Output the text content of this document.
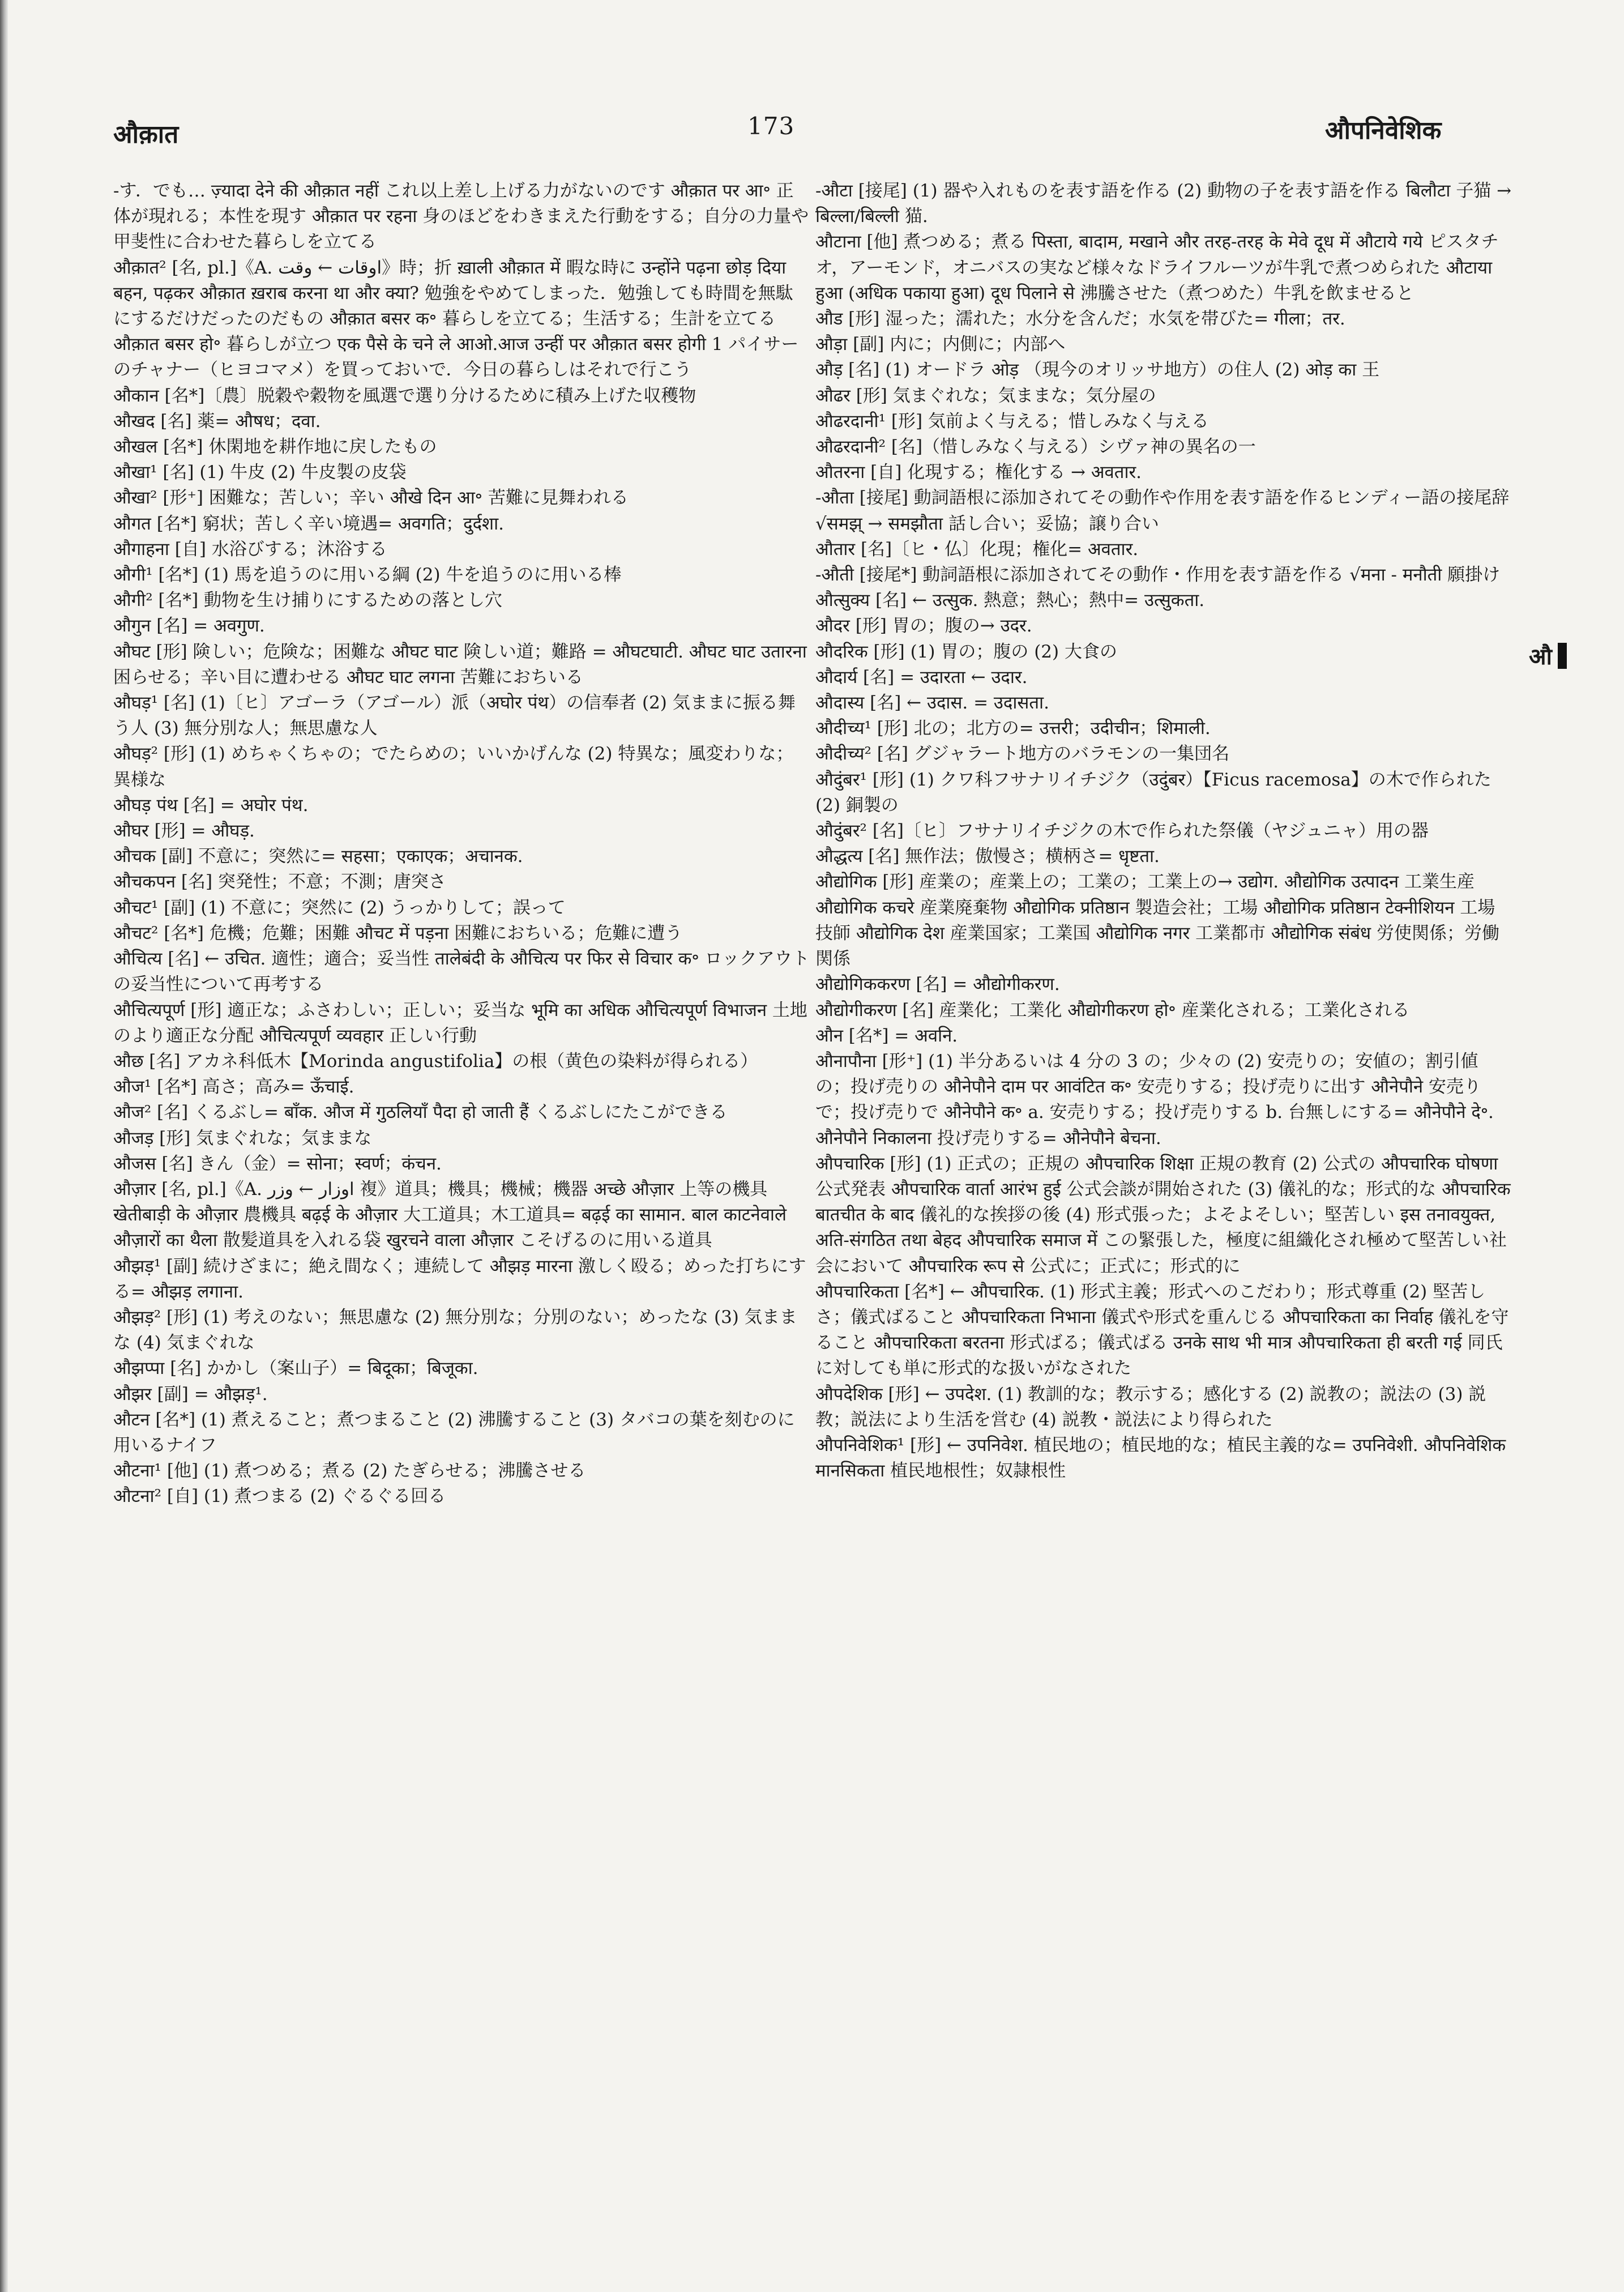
औक़ात	173	औपनिवेशिक
औ

-す．でも… ज़्यादा देने की औक़ात नहीं これ以上差し上げる力がないのです औक़ात पर आ॰ 正体が現れる；本性を現す औक़ात पर रहना 身のほどをわきまえた行動をする；自分の力量や甲斐性に合わせた暮らしを立てる

औक़ात² [名, pl.]《A. اوقات ← وقت》時；折 ख़ाली औक़ात में 暇な時に उन्होंने पढ़ना छोड़ दिया बहन, पढ़कर औक़ात ख़राब करना था और क्या? 勉強をやめてしまった．勉強しても時間を無駄にするだけだったのだもの औक़ात बसर क॰ 暮らしを立てる；生活する；生計を立てる औक़ात बसर हो॰ 暮らしが立つ एक पैसे के चने ले आओ.आज उन्हीं पर औक़ात बसर होगी 1 パイサーのチャナー（ヒヨコマメ）を買っておいで．今日の暮らしはそれで行こう

औकान [名*]〔農〕脱穀や穀物を風選で選り分けるために積み上げた収穫物

औखद [名] 薬= औषध；दवा.

औखल [名*] 休閑地を耕作地に戻したもの

औखा¹ [名] (1) 牛皮 (2) 牛皮製の皮袋

औखा² [形⁺] 困難な；苦しい；辛い औखे दिन आ॰ 苦難に見舞われる

औगत [名*] 窮状；苦しく辛い境遇= अवगति；दुर्दशा.

औगाहना [自] 水浴びする；沐浴する

औगी¹ [名*] (1) 馬を追うのに用いる綱 (2) 牛を追うのに用いる棒

औगी² [名*] 動物を生け捕りにするための落とし穴

औगुन [名] = अवगुण.

औघट [形] 険しい；危険な；困難な औघट घाट 険しい道；難路 = औघटघाटी. औघट घाट उतारना 困らせる；辛い目に遭わせる औघट घाट लगना 苦難におちいる

औघड़¹ [名] (1)〔ヒ〕アゴーラ（アゴール）派（अघोर पंथ）の信奉者 (2) 気ままに振る舞う人 (3) 無分別な人；無思慮な人

औघड़² [形] (1) めちゃくちゃの；でたらめの；いいかげんな (2) 特異な；風変わりな；異様な

औघड़ पंथ [名] = अघोर पंथ.

औघर [形] = औघड़.

औचक [副] 不意に；突然に= सहसा；एकाएक；अचानक.

औचकपन [名] 突発性；不意；不測；唐突さ

औचट¹ [副] (1) 不意に；突然に (2) うっかりして；誤って

औचट² [名*] 危機；危難；困難 औचट में पड़ना 困難におちいる；危難に遭う

औचित्य [名] ← उचित. 適性；適合；妥当性 तालेबंदी के औचित्य पर फिर से विचार क॰ ロックアウトの妥当性について再考する

औचित्यपूर्ण [形] 適正な；ふさわしい；正しい；妥当な भूमि का अधिक औचित्यपूर्ण विभाजन 土地のより適正な分配 औचित्यपूर्ण व्यवहार 正しい行動

औछ [名] アカネ科低木【Morinda angustifolia】の根（黄色の染料が得られる）

औज¹ [名*] 高さ；高み= ऊँचाई.

औज² [名] くるぶし= बाँक. औज में गुठलियाँ पैदा हो जाती हैं くるぶしにたこができる

औजड़ [形] 気まぐれな；気ままな

औजस [名] きん（金）= सोना；स्वर्ण；कंचन.

औज़ार [名, pl.]《A. اوزار ← وزر 複》道具；機具；機械；機器 अच्छे औज़ार 上等の機具 खेतीबाड़ी के औज़ार 農機具 बढ़ई के औज़ार 大工道具；木工道具= बढ़ई का सामान. बाल काटनेवाले औज़ारों का थैला 散髪道具を入れる袋 खुरचने वाला औज़ार こそげるのに用いる道具

औझड़¹ [副] 続けざまに；絶え間なく；連続して औझड़ मारना 激しく殴る；めった打ちにする= औझड़ लगाना.

औझड़² [形] (1) 考えのない；無思慮な (2) 無分別な；分別のない；めったな (3) 気ままな (4) 気まぐれな

औझप्पा [名] かかし（案山子）= बिदूका；बिजूका.

औझर [副] = औझड़¹.

औटन [名*] (1) 煮えること；煮つまること (2) 沸騰すること (3) タバコの葉を刻むのに用いるナイフ

औटना¹ [他] (1) 煮つめる；煮る (2) たぎらせる；沸騰させる

औटना² [自] (1) 煮つまる (2) ぐるぐる回る

-औटा [接尾] (1) 器や入れものを表す語を作る (2) 動物の子を表す語を作る बिलौटा 子猫 → बिल्ला/बिल्ली 猫.

औटाना [他] 煮つめる；煮る पिस्ता, बादाम, मखाने और तरह-तरह के मेवे दूध में औटाये गये ピスタチオ，アーモンド，オニバスの実など様々なドライフルーツが牛乳で煮つめられた औटाया हुआ (अधिक पकाया हुआ) दूध पिलाने से 沸騰させた（煮つめた）牛乳を飲ませると

औड [形] 湿った；濡れた；水分を含んだ；水気を帯びた= गीला；तर.

औड़ा [副] 内に；内側に；内部へ

औड़ [名] (1) オードラ ओड़ （現今のオリッサ地方）の住人 (2) ओड़ का 王

औढर [形] 気まぐれな；気ままな；気分屋の

औढरदानी¹ [形] 気前よく与える；惜しみなく与える

औढरदानी² [名]（惜しみなく与える）シヴァ神の異名の一

औतरना [自] 化現する；権化する → अवतार.

-औता [接尾] 動詞語根に添加されてその動作や作用を表す語を作るヒンディー語の接尾辞 √समझ् → समझौता 話し合い；妥協；譲り合い

औतार [名]〔ヒ・仏〕化現；権化= अवतार.

-औती [接尾*] 動詞語根に添加されてその動作・作用を表す語を作る √मना - मनौती 願掛け

औत्सुक्य [名] ← उत्सुक. 熱意；熱心；熱中= उत्सुकता.

औदर [形] 胃の；腹の→ उदर.

औदरिक [形] (1) 胃の；腹の (2) 大食の

औदार्य [名] = उदारता ← उदार.

औदास्य [名] ← उदास. = उदासता.

औदीच्य¹ [形] 北の；北方の= उत्तरी；उदीचीन；शिमाली.

औदीच्य² [名] グジャラート地方のバラモンの一集団名

औदुंबर¹ [形] (1) クワ科フサナリイチジク（उदुंबर）【Ficus racemosa】の木で作られた (2) 銅製の

औदुंबर² [名]〔ヒ〕フサナリイチジクの木で作られた祭儀（ヤジュニャ）用の器

औद्धत्य [名] 無作法；傲慢さ；横柄さ= धृष्टता.

औद्योगिक [形] 産業の；産業上の；工業の；工業上の→ उद्योग. औद्योगिक उत्पादन 工業生産 औद्योगिक कचरे 産業廃棄物 औद्योगिक प्रतिष्ठान 製造会社；工場 औद्योगिक प्रतिष्ठान टेक्नीशियन 工場技師 औद्योगिक देश 産業国家；工業国 औद्योगिक नगर 工業都市 औद्योगिक संबंध 労使関係；労働関係

औद्योगिककरण [名] = औद्योगीकरण.

औद्योगीकरण [名] 産業化；工業化 औद्योगीकरण हो॰ 産業化される；工業化される

औन [名*] = अवनि.

औनापौना [形⁺] (1) 半分あるいは 4 分の 3 の；少々の (2) 安売りの；安値の；割引値の；投げ売りの औनेपौने दाम पर आवंटित क॰ 安売りする；投げ売りに出す औनेपौने 安売りで；投げ売りで औनेपौने क॰ a. 安売りする；投げ売りする b. 台無しにする= औनेपौने दे॰. औनेपौने निकालना 投げ売りする= औनेपौने बेचना.

औपचारिक [形] (1) 正式の；正規の औपचारिक शिक्षा 正規の教育 (2) 公式の औपचारिक घोषणा 公式発表 औपचारिक वार्ता आरंभ हुई 公式会談が開始された (3) 儀礼的な；形式的な औपचारिक बातचीत के बाद 儀礼的な挨拶の後 (4) 形式張った；よそよそしい；堅苦しい इस तनावयुक्त, अति-संगठित तथा बेहद औपचारिक समाज में この緊張した，極度に組織化され極めて堅苦しい社会において औपचारिक रूप से 公式に；正式に；形式的に

औपचारिकता [名*] ← औपचारिक. (1) 形式主義；形式へのこだわり；形式尊重 (2) 堅苦しさ；儀式ばること औपचारिकता निभाना 儀式や形式を重んじる औपचारिकता का निर्वाह 儀礼を守ること औपचारिकता बरतना 形式ばる；儀式ばる उनके साथ भी मात्र औपचारिकता ही बरती गई 同氏に対しても単に形式的な扱いがなされた

औपदेशिक [形] ← उपदेश. (1) 教訓的な；教示する；感化する (2) 説教の；説法の (3) 説教；説法により生活を営む (4) 説教・説法により得られた

औपनिवेशिक¹ [形] ← उपनिवेश. 植民地の；植民地的な；植民主義的な= उपनिवेशी. औपनिवेशिक मानसिकता 植民地根性；奴隷根性
